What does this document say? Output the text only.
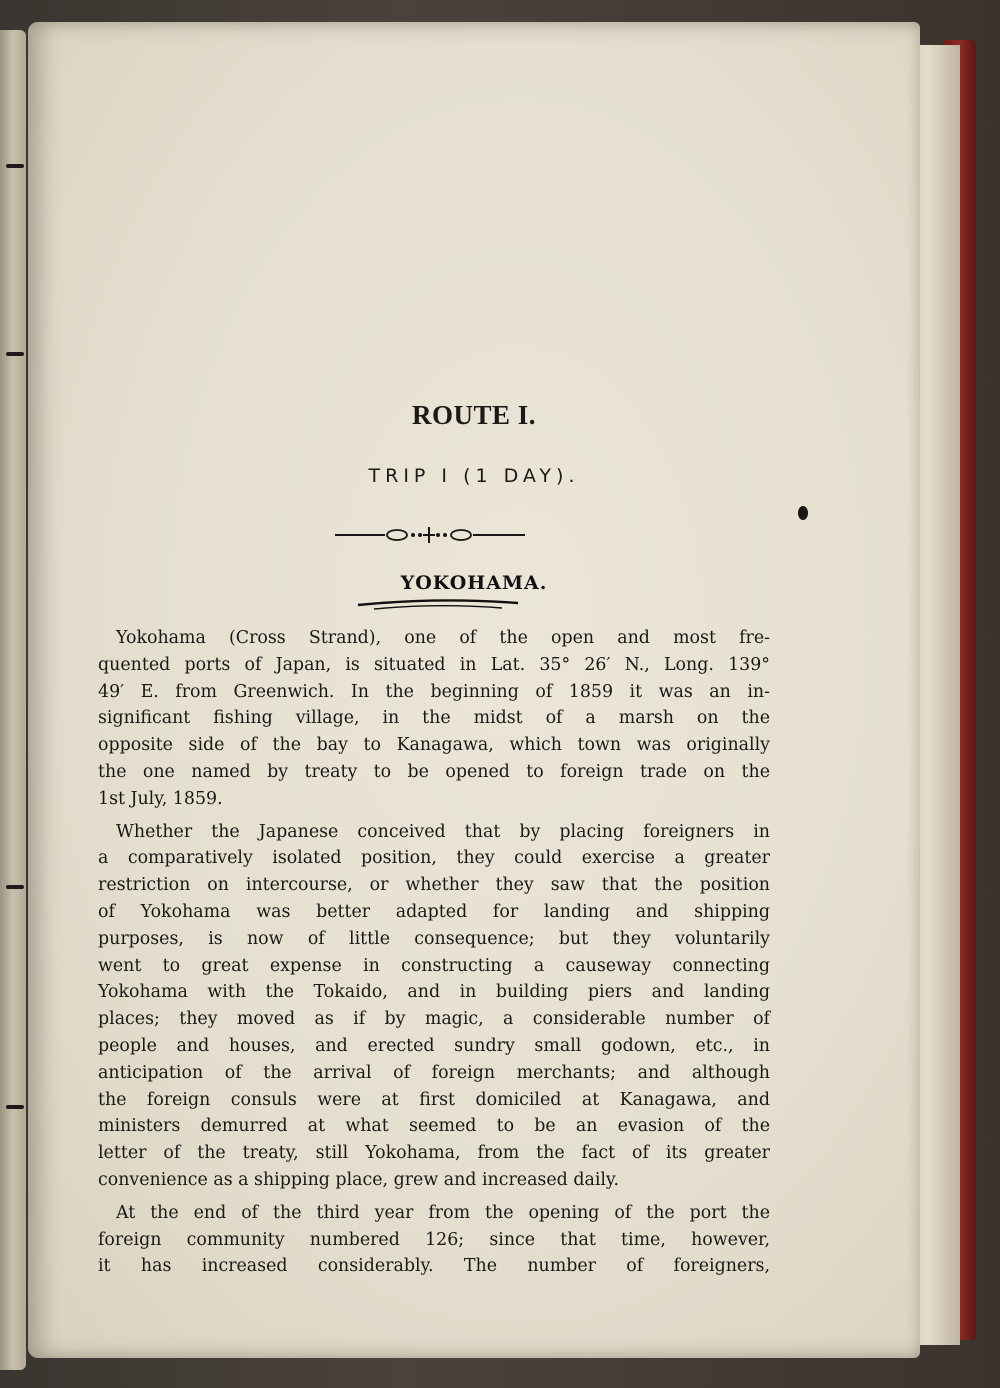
ROUTE I.
TRIP I (1 DAY).
YOKOHAMA.
Yokohama (Cross Strand), one of the open and most fre-
quented ports of Japan, is situated in Lat. 35° 26′ N., Long. 139°
49′ E. from Greenwich. In the beginning of 1859 it was an in-
significant fishing village, in the midst of a marsh on the
opposite side of the bay to Kanagawa, which town was originally
the one named by treaty to be opened to foreign trade on the
1st July, 1859.
Whether the Japanese conceived that by placing foreigners in
a comparatively isolated position, they could exercise a greater
restriction on intercourse, or whether they saw that the position
of Yokohama was better adapted for landing and shipping
purposes, is now of little consequence; but they voluntarily
went to great expense in constructing a causeway connecting
Yokohama with the Tokaido, and in building piers and landing
places; they moved as if by magic, a considerable number of
people and houses, and erected sundry small godown, etc., in
anticipation of the arrival of foreign merchants; and although
the foreign consuls were at first domiciled at Kanagawa, and
ministers demurred at what seemed to be an evasion of the
letter of the treaty, still Yokohama, from the fact of its greater
convenience as a shipping place, grew and increased daily.
At the end of the third year from the opening of the port the
foreign community numbered 126; since that time, however,
it has increased considerably. The number of foreigners,
